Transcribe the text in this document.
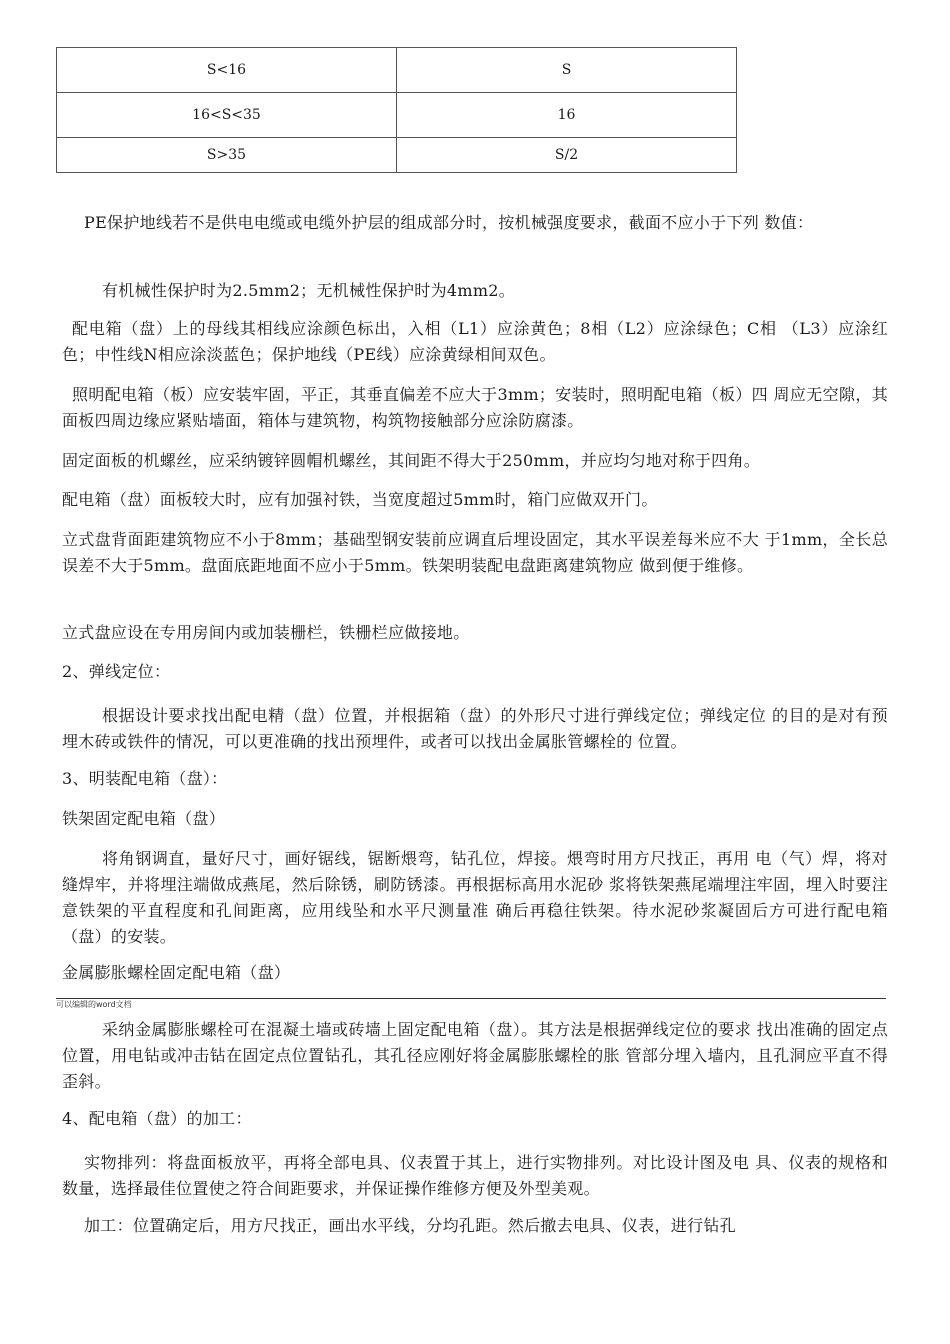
S<16	S
16<S<35	16
S>35	S/2

PE保护地线若不是供电电缆或电缆外护层的组成部分时，按机械强度要求，截面不应小于下列 数值：

有机械性保护时为2.5mm2；无机械性保护时为4mm2。

配电箱（盘）上的母线其相线应涂颜色标出，入相（L1）应涂黄色；8相（L2）应涂绿色；C相 （L3）应涂红色；中性线N相应涂淡蓝色；保护地线（PE线）应涂黄绿相间双色。

照明配电箱（板）应安装牢固，平正，其垂直偏差不应大于3mm；安装时，照明配电箱（板）四 周应无空隙，其面板四周边缘应紧贴墙面，箱体与建筑物，构筑物接触部分应涂防腐漆。

固定面板的机螺丝，应采纳镀锌圆帽机螺丝，其间距不得大于250mm，并应均匀地对称于四角。

配电箱（盘）面板较大时，应有加强衬铁，当宽度超过5mm时，箱门应做双开门。

立式盘背面距建筑物应不小于8mm；基础型钢安装前应调直后埋设固定，其水平误差每米应不大 于1mm，全长总误差不大于5mm。盘面底距地面不应小于5mm。铁架明装配电盘距离建筑物应 做到便于维修。

立式盘应设在专用房间内或加装栅栏，铁栅栏应做接地。

2、弹线定位：

根据设计要求找出配电精（盘）位置，并根据箱（盘）的外形尺寸进行弹线定位；弹线定位 的目的是对有预埋木砖或铁件的情况，可以更准确的找出预埋件，或者可以找出金属胀管螺栓的 位置。

3、明装配电箱（盘）：

铁架固定配电箱（盘）

将角钢调直，量好尺寸，画好锯线，锯断煨弯，钻孔位，焊接。煨弯时用方尺找正，再用 电（气）焊，将对缝焊牢，并将埋注端做成燕尾，然后除锈，刷防锈漆。再根据标高用水泥砂 浆将铁架燕尾端埋注牢固，埋入时要注意铁架的平直程度和孔间距离，应用线坠和水平尺测量准 确后再稳往铁架。待水泥砂浆凝固后方可进行配电箱（盘）的安装。

金属膨胀螺栓固定配电箱（盘）

可以编辑的word文档

采纳金属膨胀螺栓可在混凝土墙或砖墙上固定配电箱（盘）。其方法是根据弹线定位的要求 找出准确的固定点位置，用电钻或冲击钻在固定点位置钻孔，其孔径应刚好将金属膨胀螺栓的胀 管部分埋入墙内，且孔洞应平直不得歪斜。

4、配电箱（盘）的加工：

实物排列：将盘面板放平，再将全部电具、仪表置于其上，进行实物排列。对比设计图及电 具、仪表的规格和数量，选择最佳位置使之符合间距要求，并保证操作维修方便及外型美观。

加工：位置确定后，用方尺找正，画出水平线，分均孔距。然后撤去电具、仪表，进行钻孔
